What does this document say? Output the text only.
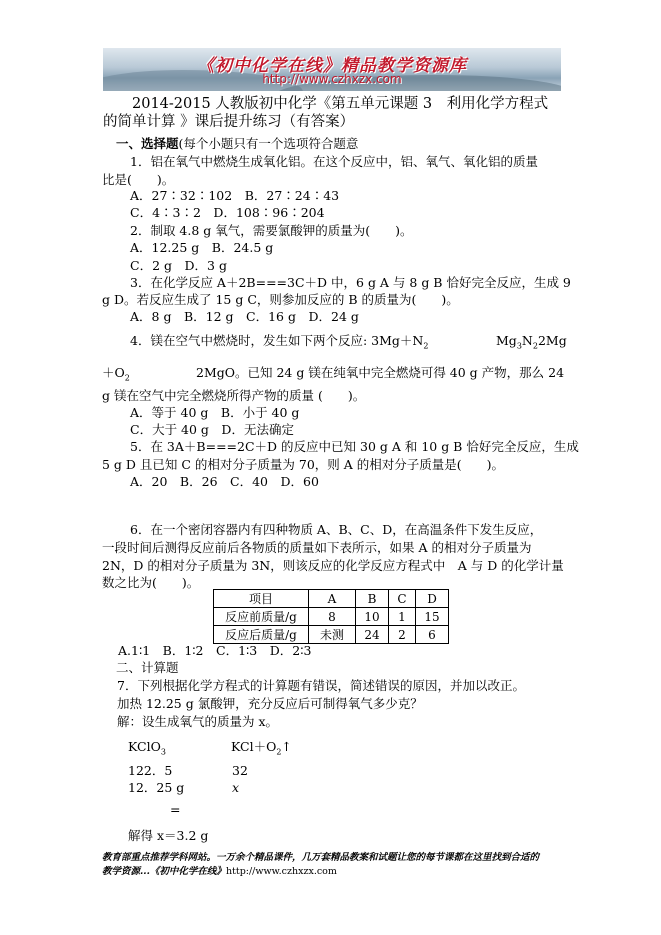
《初中化学在线》精品教学资源库
http://www.czhxzx.com
2014-2015 人教版初中化学《第五单元课题 3　利用化学方程式
的简单计算 》课后提升练习（有答案）
一、选择题(每个小题只有一个选项符合题意
1．铝在氧气中燃烧生成氧化铝。在这个反应中，铝、氧气、氧化铝的质量
比是(　　)。
A．27∶32∶102　B．27∶24∶43
C．4∶3∶2　D．108∶96∶204
2．制取 4.8 g 氧气，需要氯酸钾的质量为(　　)。
A．12.25 g　B．24.5 g
C．2 g　D．3 g
3．在化学反应 A＋2B===3C＋D 中，6 g A 与 8 g B 恰好完全反应，生成 9
g D。若反应生成了 15 g C，则参加反应的 B 的质量为(　　)。
A．8 g　B．12 g　C．16 g　D．24 g
4．镁在空气中燃烧时，发生如下两个反应: $3Mg+N_2$	$Mg_3N_22Mg$
$+O_2$	2MgO。已知 24 g 镁在纯氧中完全燃烧可得 40 g 产物，那么 24
g 镁在空气中完全燃烧所得产物的质量 (　　)。
A．等于 40 g　B．小于 40 g
C．大于 40 g　D．无法确定
5．在 3A＋B===2C＋D 的反应中已知 30 g A 和 10 g B 恰好完全反应，生成
5 g D 且已知 C 的相对分子质量为 70，则 A 的相对分子质量是(　　)。
A．20　B．26　C．40　D．60
6．在一个密闭容器内有四种物质 A、B、C、D，在高温条件下发生反应，
一段时间后测得反应前后各物质的质量如下表所示，如果 A 的相对分子质量为
2N，D 的相对分子质量为 3N，则该反应的化学反应方程式中　A 与 D 的化学计量
数之比为(　　)。
项目	A	B	C	D
反应前质量/g	8	10	1	15
反应后质量/g	未测	24	2	6
A.1∶1　B．1∶2　C．1∶3　D．2∶3
二、计算题
7．下列根据化学方程式的计算题有错误，简述错误的原因，并加以改正。
加热 12.25 g 氯酸钾，充分反应后可制得氧气多少克？
解：设生成氧气的质量为 x。
KClO$_3$	$KCl+O_2↑$
122．5	32
12．25 g	x
=
解得 x＝3.2 g
教育部重点推荐学科网站。一万余个精品课件，几万套精品教案和试题让您的每节课都在这里找到合适的
教学资源...《初中化学在线》http://www.czhxzx.com
